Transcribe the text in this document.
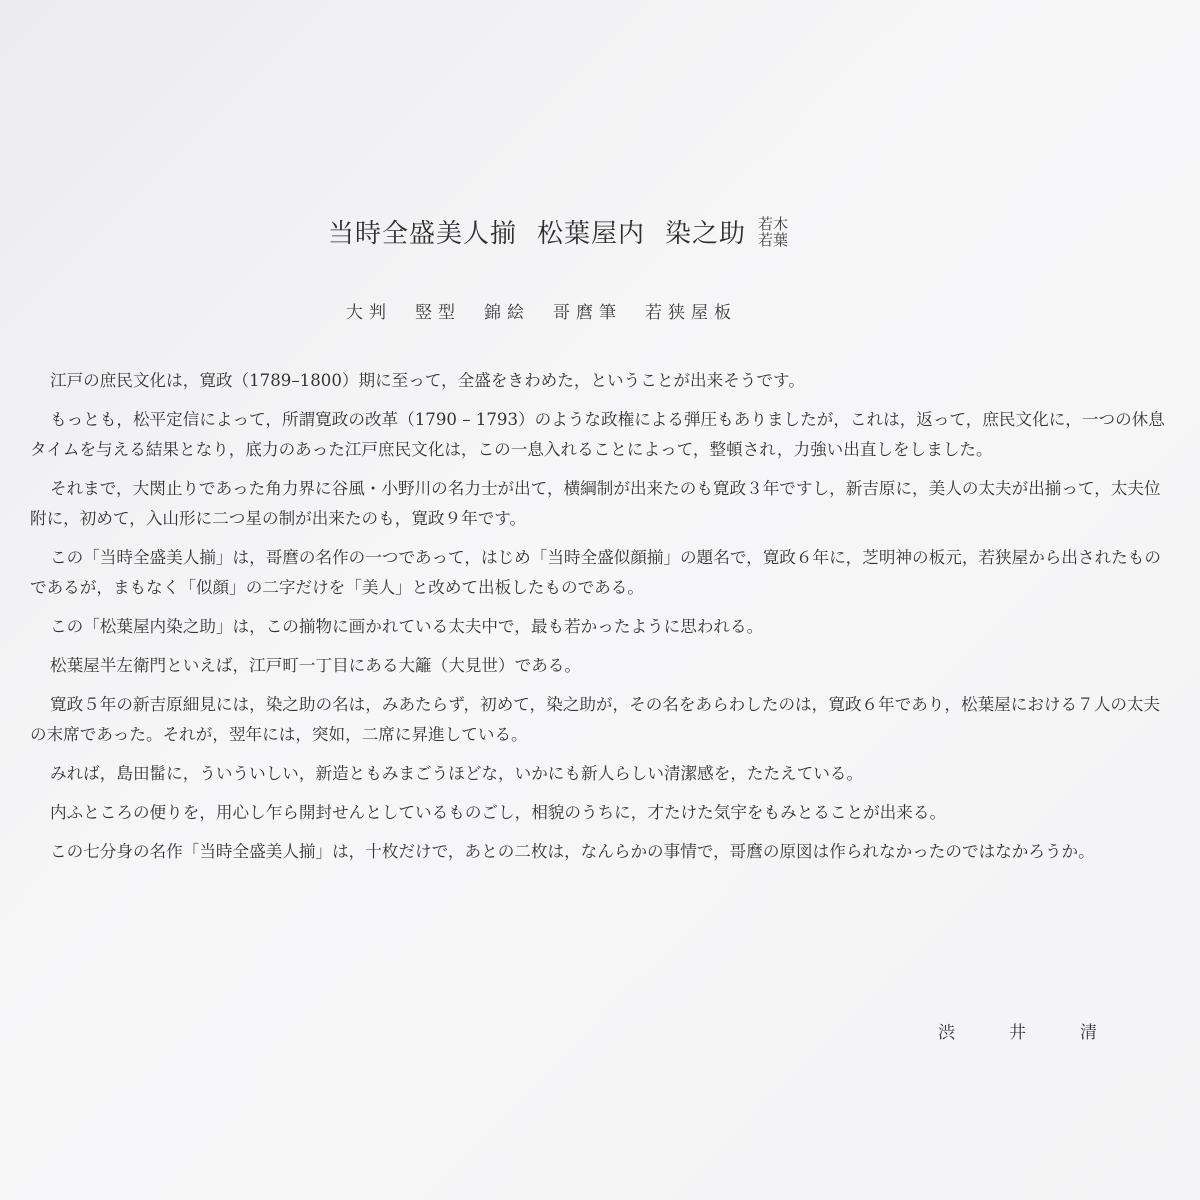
当時全盛美人揃 松葉屋内 染之助 若木
若葉
大判　竪型　錦絵　哥麿筆　若狭屋板

江戸の庶民文化は，寛政（1789–1800）期に至って，全盛をきわめた，ということが出来そうです。

もっとも，松平定信によって，所謂寛政の改革（1790 – 1793）のような政権による弾圧もありましたが，これは，返って，庶民文化に，一つの休息タイムを与える結果となり，底力のあった江戸庶民文化は，この一息入れることによって，整頓され，力強い出直しをしました。

それまで，大関止りであった角力界に谷風・小野川の名力士が出て，横綱制が出来たのも寛政３年ですし，新吉原に，美人の太夫が出揃って，太夫位附に，初めて，入山形に二つ星の制が出来たのも，寛政９年です。

この「当時全盛美人揃」は，哥麿の名作の一つであって，はじめ「当時全盛似顔揃」の題名で，寛政６年に，芝明神の板元，若狭屋から出されたものであるが，まもなく「似顔」の二字だけを「美人」と改めて出板したものである。

この「松葉屋内染之助」は，この揃物に画かれている太夫中で，最も若かったように思われる。

松葉屋半左衛門といえば，江戸町一丁目にある大籬（大見世）である。

寛政５年の新吉原細見には，染之助の名は，みあたらず，初めて，染之助が，その名をあらわしたのは，寛政６年であり，松葉屋における７人の太夫の末席であった。それが，翌年には，突如，二席に昇進している。

みれば，島田髷に，ういういしい，新造ともみまごうほどな，いかにも新人らしい清潔感を，たたえている。

内ふところの便りを，用心し乍ら開封せんとしているものごし，相貌のうちに，才たけた気宇をもみとることが出来る。

この七分身の名作「当時全盛美人揃」は，十枚だけで，あとの二枚は，なんらかの事情で，哥麿の原図は作られなかったのではなかろうか。

渋井清
